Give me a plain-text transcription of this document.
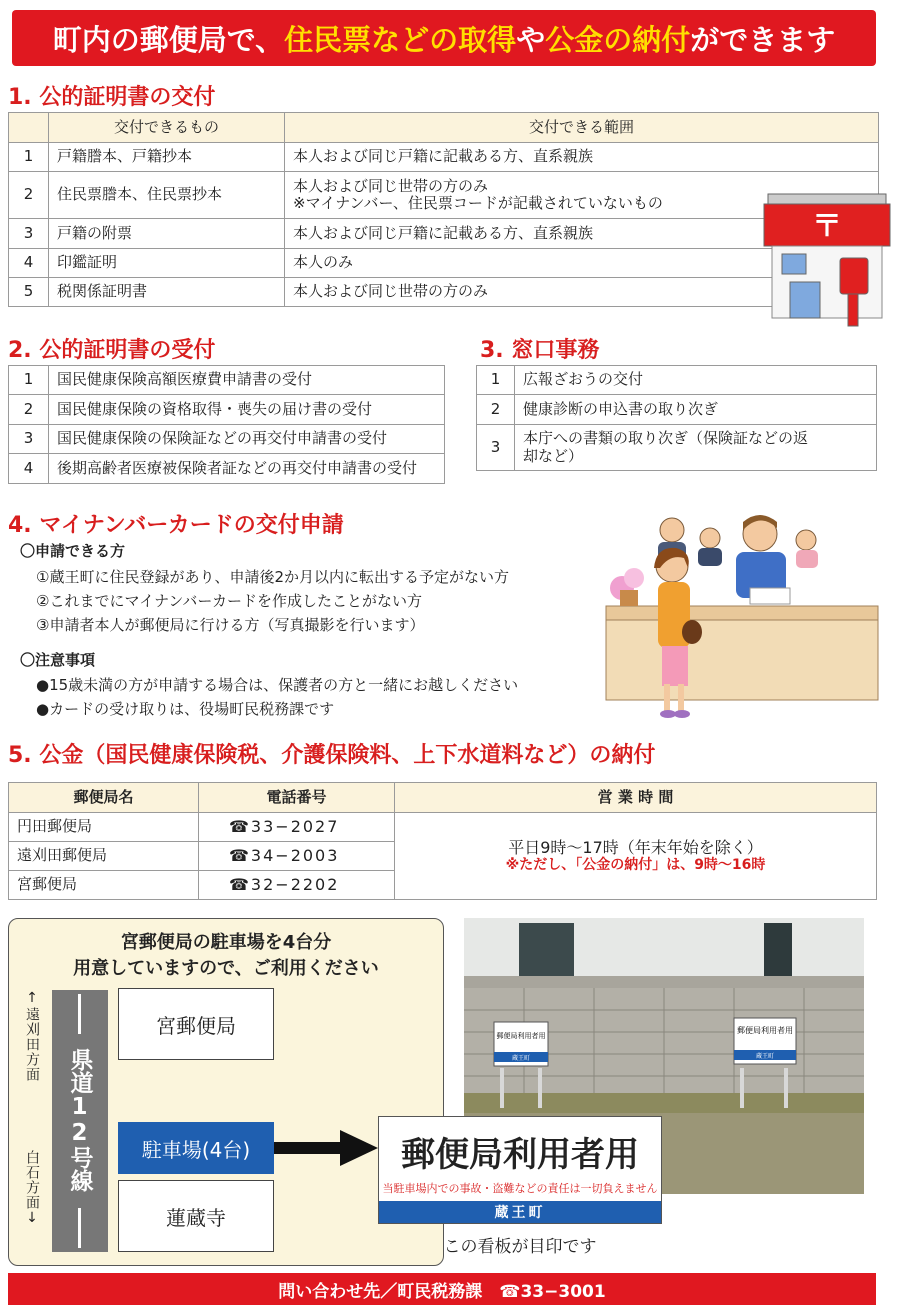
町内の郵便局で、 住民票などの取得 や 公金の納付 ができます
1. 公的証明書の交付
	交付できるもの	交付できる範囲
1	戸籍謄本、戸籍抄本	本人および同じ戸籍に記載ある方、直系親族
2	住民票謄本、住民票抄本	本人および同じ世帯の方のみ
※マイナンバー、住民票コードが記載されていないもの

3	戸籍の附票	本人および同じ戸籍に記載ある方、直系親族
4	印鑑証明	本人のみ
5	税関係証明書	本人および同じ世帯の方のみ
〒
2. 公的証明書の受付
1	国民健康保険高額医療費申請書の受付
2	国民健康保険の資格取得・喪失の届け書の受付
3	国民健康保険の保険証などの再交付申請書の受付
4	後期高齢者医療被保険者証などの再交付申請書の受付
3. 窓口事務
1	広報ざおうの交付
2	健康診断の申込書の取り次ぎ
3	本庁への書類の取り次ぎ（保険証などの返
却など）
4. マイナンバーカードの交付申請
〇申請できる方
①蔵王町に住民登録があり、申請後2か月以内に転出する予定がない方
②これまでにマイナンバーカードを作成したことがない方
③申請者本人が郵便局に行ける方（写真撮影を行います）
〇注意事項
●15歳未満の方が申請する場合は、保護者の方と一緒にお越しください
●カードの受け取りは、役場町民税務課です
5. 公金（国民健康保険税、介護保険料、上下水道料など）の納付
郵便局名	電話番号	営 業 時 間
円田郵便局	☎33−2027	平日9時〜17時（年末年始を除く）
※ただし、「公金の納付」は、9時〜16時

遠刈田郵便局	☎34−2003	
宮郵便局	☎32−2202	
宮郵便局の駐車場を4台分
用意していますので、ご利用ください
↑遠刈田方面
白石方面↓	県道12号線
宮郵便局
駐車場(4台)
蓮蔵寺
郵便局利用者用
蔵王町
郵便局利用者用
蔵王町
郵便局利用者用
当駐車場内での事故・盗難などの責任は一切負えません
蔵王町
この看板が目印です
問い合わせ先／町民税務課　☎33−3001
